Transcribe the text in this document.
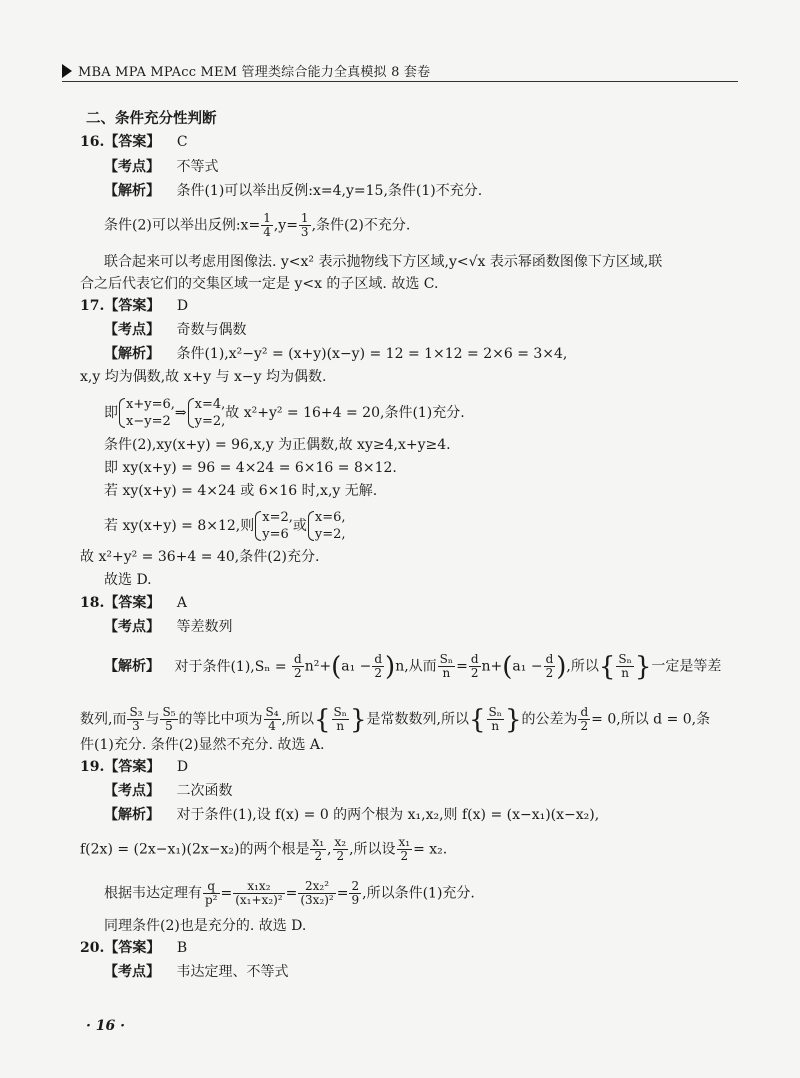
MBA MPA MPAcc MEM 管理类综合能力全真模拟 8 套卷
二、条件充分性判断
16.【答案】 C
【考点】 不等式
【解析】 条件(1)可以举出反例:x=4,y=15,条件(1)不充分.
条件(2)可以举出反例:x= $\frac{1}{4} ,y= \frac{1}{3}$ ,条件(2)不充分.
联合起来可以考虑用图像法. y<x² 表示抛物线下方区域,y<√x 表示幂函数图像下方区域,联
合之后代表它们的交集区域一定是 y<x 的子区域. 故选 C.
17.【答案】 D
【考点】 奇数与偶数
【解析】 条件(1),x²−y² = (x+y)(x−y) = 12 = 1×12 = 2×6 = 3×4,
x,y 均为偶数,故 x+y 与 x−y 均为偶数.
即
x+y=6,
x−y=2
⇒
x=4,
y=2,
故 x²+y² = 16+4 = 20,条件(1)充分.
条件(2),xy(x+y) = 96,x,y 为正偶数,故 xy≥4,x+y≥4.
即 xy(x+y) = 96 = 4×24 = 6×16 = 8×12.
若 xy(x+y) = 4×24 或 6×16 时,x,y 无解.
若 xy(x+y) = 8×12,则
x=2,
y=6
或
x=6,
y=2,
故 x²+y² = 36+4 = 40,条件(2)充分.
故选 D.
18.【答案】 A
【考点】 等差数列
【解析】 对于条件$(1),S_n = \frac{d}{2} n^2+(a_1 - \frac{d}{2} )n$,从而 $\frac{\text{Sₙ}}{n} = \frac{d}{2} n+(a_1 - \frac{d}{2}$ ),所以{ $\frac{\text{Sₙ}}{n}$ }一定是等差
数列,而 $\frac{\text{S₃}}{3}$ 与 $\frac{\text{S₅}}{5}$ 的等比中项为 $\frac{\text{S₄}}{4}$ ,所以{ $\frac{\text{Sₙ}}{n}$ }是常数数列,所以{ $\frac{\text{Sₙ}}{n}$ }的公差为 $\frac{d}{2} = 0$,所以 d = 0,条
件(1)充分. 条件(2)显然不充分. 故选 A.
19.【答案】 D
【考点】 二次函数
【解析】 对于条件(1),设 f(x) = 0 的两个根为 x₁,x₂,则 f(x) = (x−x₁)(x−x₂),
f(2x) = (2x−x₁)(2x−x₂)的两个根是 $\frac{\text{x₁}}{2}$ , $\frac{\text{x₂}}{2}$ ,所以设 $\frac{\text{x₁}}{2} = x_2$.
根据韦达定理有 $\frac{q}{\text{p²}} = \frac{\text{x₁x₂}}{\text{(x₁+x₂)²}} = \frac{\text{2x₂²}}{\text{(3x₂)²}} = \frac{2}{9}$ ,所以条件(1)充分.
同理条件(2)也是充分的. 故选 D.
20.【答案】 B
【考点】 韦达定理、不等式
· 16 ·
